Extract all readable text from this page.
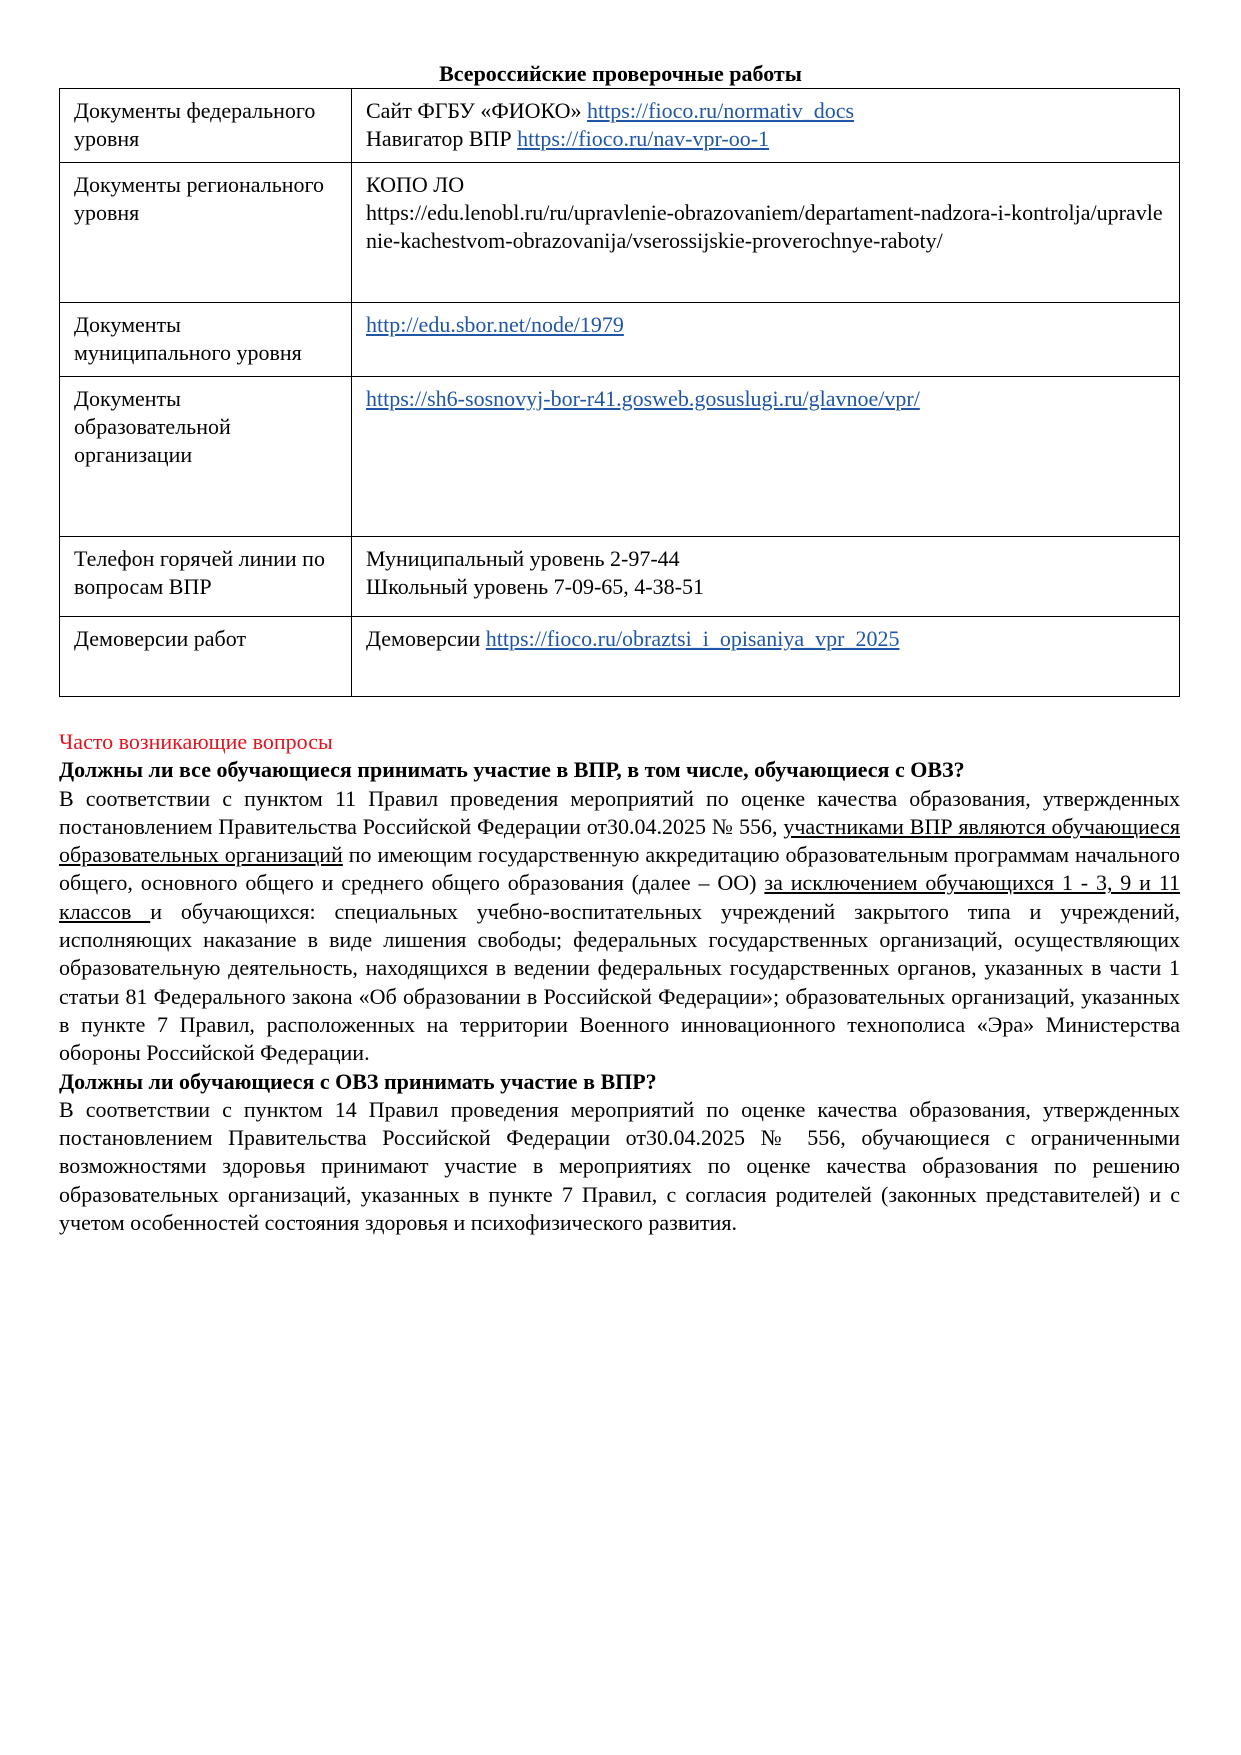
Всероссийские проверочные работы
Документы федерального уровня	Сайт ФГБУ «ФИОКО» https://fioco.ru/normativ_docs
Навигатор ВПР https://fioco.ru/nav-vpr-oo-1

Документы регионального уровня	КОПО ЛО
https://edu.lenobl.ru/ru/upravlenie-obrazovaniem/departament-nadzora-i-kontrolja/upravlenie-kachestvom-obrazovanija/vserossijskie-proverochnye-raboty/

Документы муниципального уровня	http://edu.sbor.net/node/1979
Документы образовательной организации	https://sh6-sosnovyj-bor-r41.gosweb.gosuslugi.ru/glavnoe/vpr/
Телефон горячей линии по вопросам ВПР	Муниципальный уровень 2-97-44
Школьный уровень 7-09-65, 4-38-51

Демоверсии работ	Демоверсии https://fioco.ru/obraztsi_i_opisaniya_vpr_2025
Часто возникающие вопросы
Должны ли все обучающиеся принимать участие в ВПР, в том числе, обучающиеся с ОВЗ?
В соответствии с пунктом 11 Правил проведения мероприятий по оценке качества образования, утвержденных постановлением Правительства Российской Федерации от30.04.2025 № 556, участниками ВПР являются обучающиеся образовательных организаций по имеющим государственную аккредитацию образовательным программам начального общего, основного общего и среднего общего образования (далее – ОО) за исключением обучающихся 1 - 3, 9 и 11 классов и обучающихся: специальных учебно-воспитательных учреждений закрытого типа и учреждений, исполняющих наказание в виде лишения свободы; федеральных государственных организаций, осуществляющих образовательную деятельность, находящихся в ведении федеральных государственных органов, указанных в части 1 статьи 81 Федерального закона «Об образовании в Российской Федерации»; образовательных организаций, указанных в пункте 7 Правил, расположенных на территории Военного инновационного технополиса «Эра» Министерства обороны Российской Федерации.
Должны ли обучающиеся с ОВЗ принимать участие в ВПР?
В соответствии с пунктом 14 Правил проведения мероприятий по оценке качества образования, утвержденных постановлением Правительства Российской Федерации от30.04.2025 № 556, обучающиеся с ограниченными возможностями здоровья принимают участие в мероприятиях по оценке качества образования по решению образовательных организаций, указанных в пункте 7 Правил, с согласия родителей (законных представителей) и с учетом особенностей состояния здоровья и психофизического развития.
